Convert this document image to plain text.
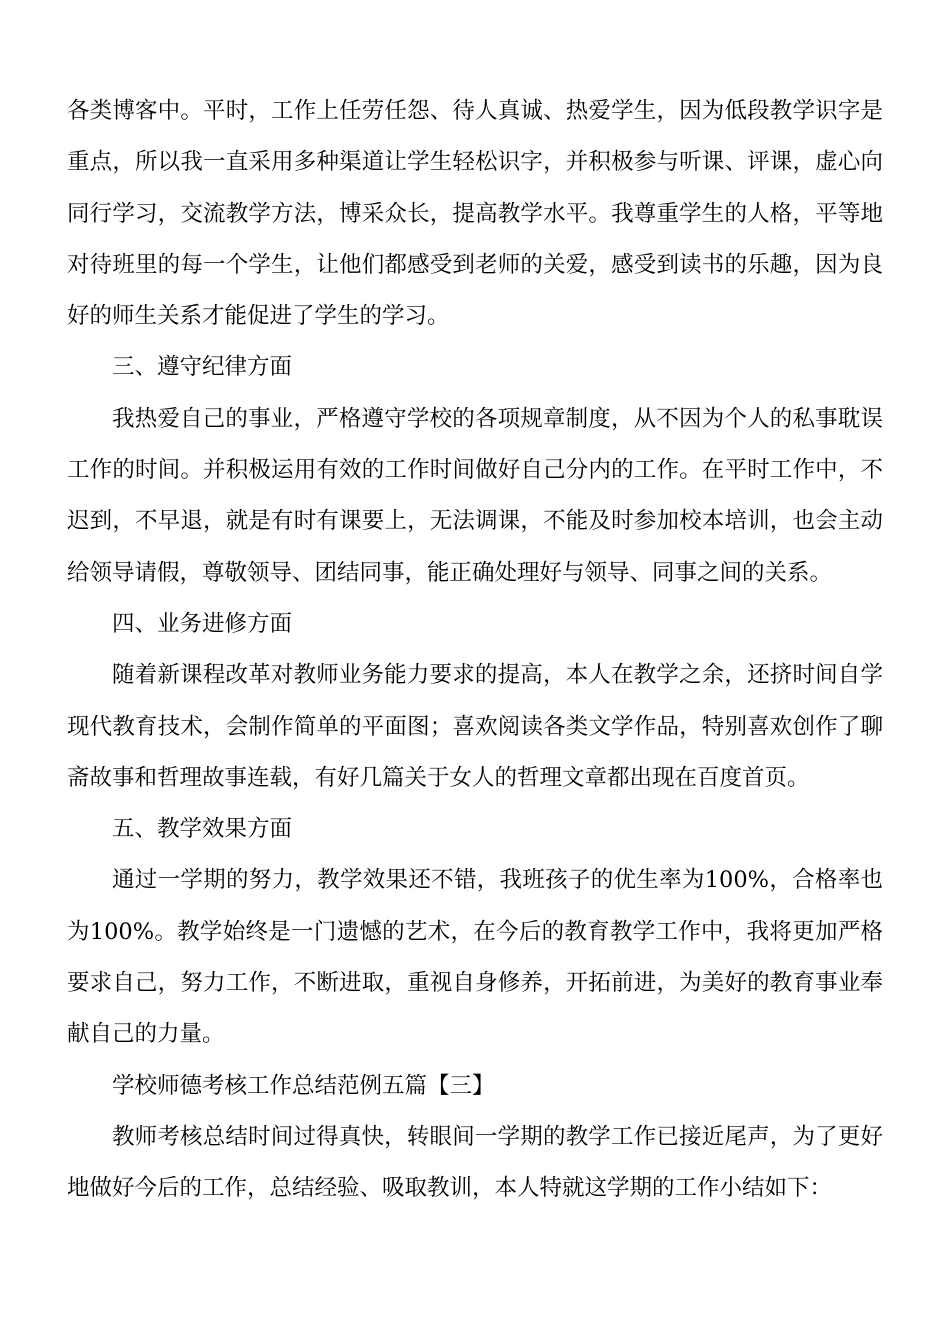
各类博客中。平时，工作上任劳任怨、待人真诚、热爱学生，因为低段教学识字是重点，所以我一直采用多种渠道让学生轻松识字，并积极参与听课、评课，虚心向同行学习，交流教学方法，博采众长，提高教学水平。我尊重学生的人格，平等地对待班里的每一个学生，让他们都感受到老师的关爱，感受到读书的乐趣，因为良好的师生关系才能促进了学生的学习。

三、遵守纪律方面

我热爱自己的事业，严格遵守学校的各项规章制度，从不因为个人的私事耽误工作的时间。并积极运用有效的工作时间做好自己分内的工作。在平时工作中，不迟到，不早退，就是有时有课要上，无法调课，不能及时参加校本培训，也会主动给领导请假，尊敬领导、团结同事，能正确处理好与领导、同事之间的关系。

四、业务进修方面

随着新课程改革对教师业务能力要求的提高，本人在教学之余，还挤时间自学现代教育技术，会制作简单的平面图；喜欢阅读各类文学作品，特别喜欢创作了聊斋故事和哲理故事连载，有好几篇关于女人的哲理文章都出现在百度首页。

五、教学效果方面

通过一学期的努力，教学效果还不错，我班孩子的优生率为100%，合格率也为100%。教学始终是一门遗憾的艺术，在今后的教育教学工作中，我将更加严格要求自己，努力工作，不断进取，重视自身修养，开拓前进，为美好的教育事业奉献自己的力量。

学校师德考核工作总结范例五篇【三】

教师考核总结时间过得真快，转眼间一学期的教学工作已接近尾声，为了更好地做好今后的工作，总结经验、吸取教训，本人特就这学期的工作小结如下：
